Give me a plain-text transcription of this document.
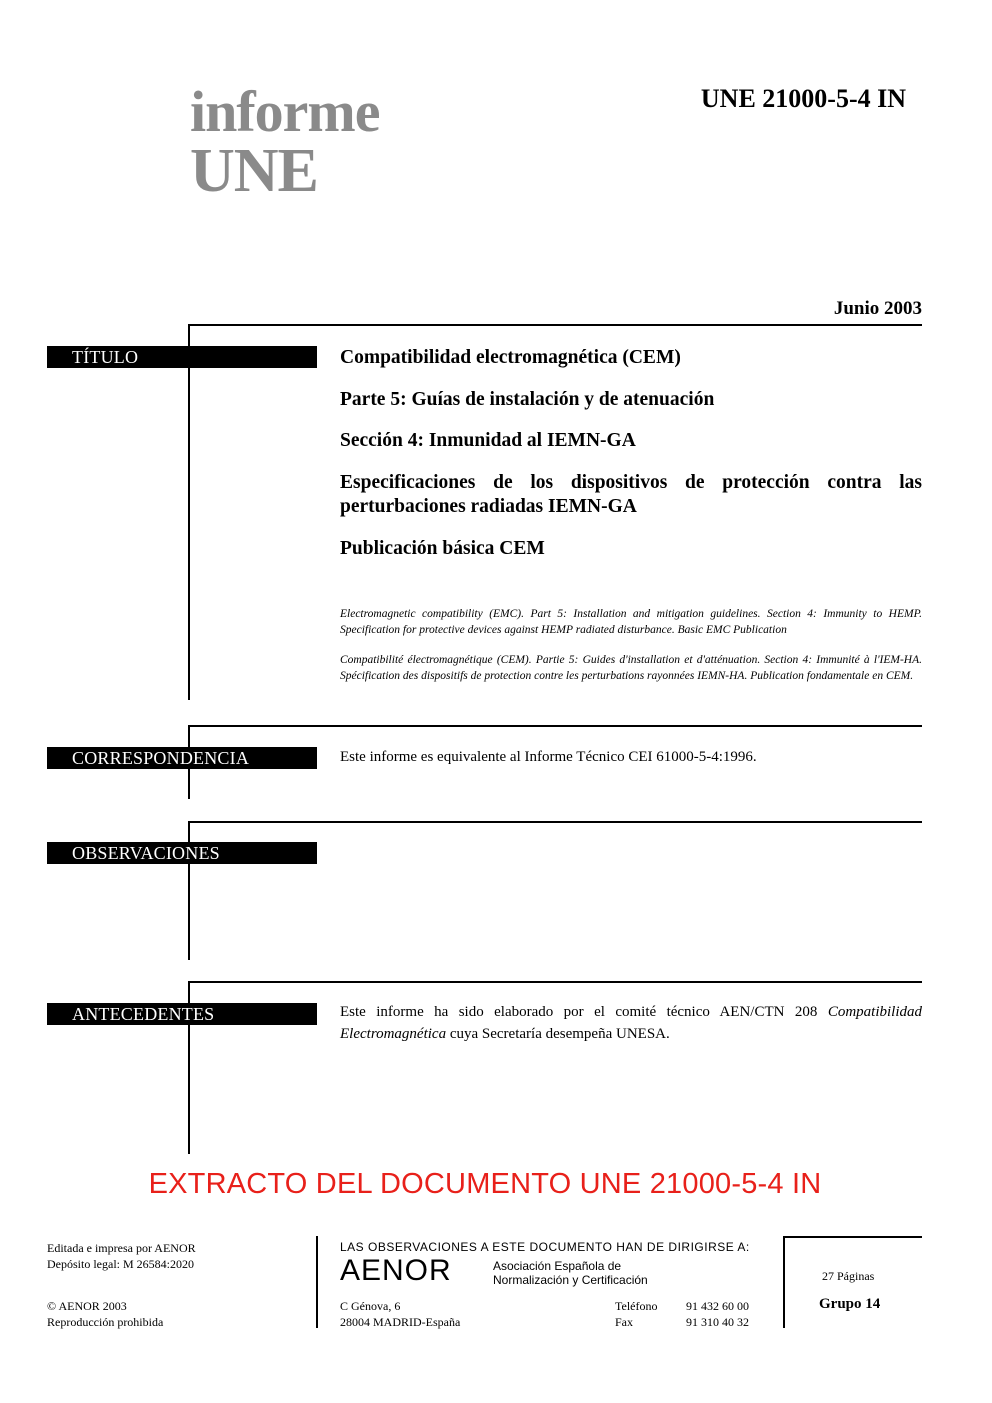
informe
UNE
UNE 21000-5-4 IN
Junio 2003
TÍTULO	Compatibilidad electromagnética (CEM)
Parte 5: Guías de instalación y de atenuación
Sección 4: Inmunidad al IEMN-GA
Especificaciones de los dispositivos de protección contra las perturbaciones radiadas IEMN-GA
Publicación básica CEM
Electromagnetic compatibility (EMC). Part 5: Installation and mitigation guidelines. Section 4: Immunity to HEMP. Specification for protective devices against HEMP radiated disturbance. Basic EMC Publication
Compatibilité électromagnétique (CEM). Partie 5: Guides d'installation et d'atténuation. Section 4: Immunité à l'IEM-HA. Spécification des dispositifs de protection contre les perturbations rayonnées IEMN-HA. Publication fondamentale en CEM.
CORRESPONDENCIA	Este informe es equivalente al Informe Técnico CEI 61000-5-4:1996.
OBSERVACIONES
ANTECEDENTES	Este informe ha sido elaborado por el comité técnico AEN/CTN 208 Compatibilidad Electromagnética cuya Secretaría desempeña UNESA.
EXTRACTO DEL DOCUMENTO UNE 21000-5-4 IN
Editada e impresa por AENOR
Depósito legal: M 26584:2020
© AENOR 2003
Reproducción prohibida
LAS OBSERVACIONES A ESTE DOCUMENTO HAN DE DIRIGIRSE A:
AENOR	Asociación Española de
Normalización y Certificación
C Génova, 6
28004 MADRID-España
Teléfono 91 432 60 00
Fax	91 310 40 32
27 Páginas
Grupo 14
